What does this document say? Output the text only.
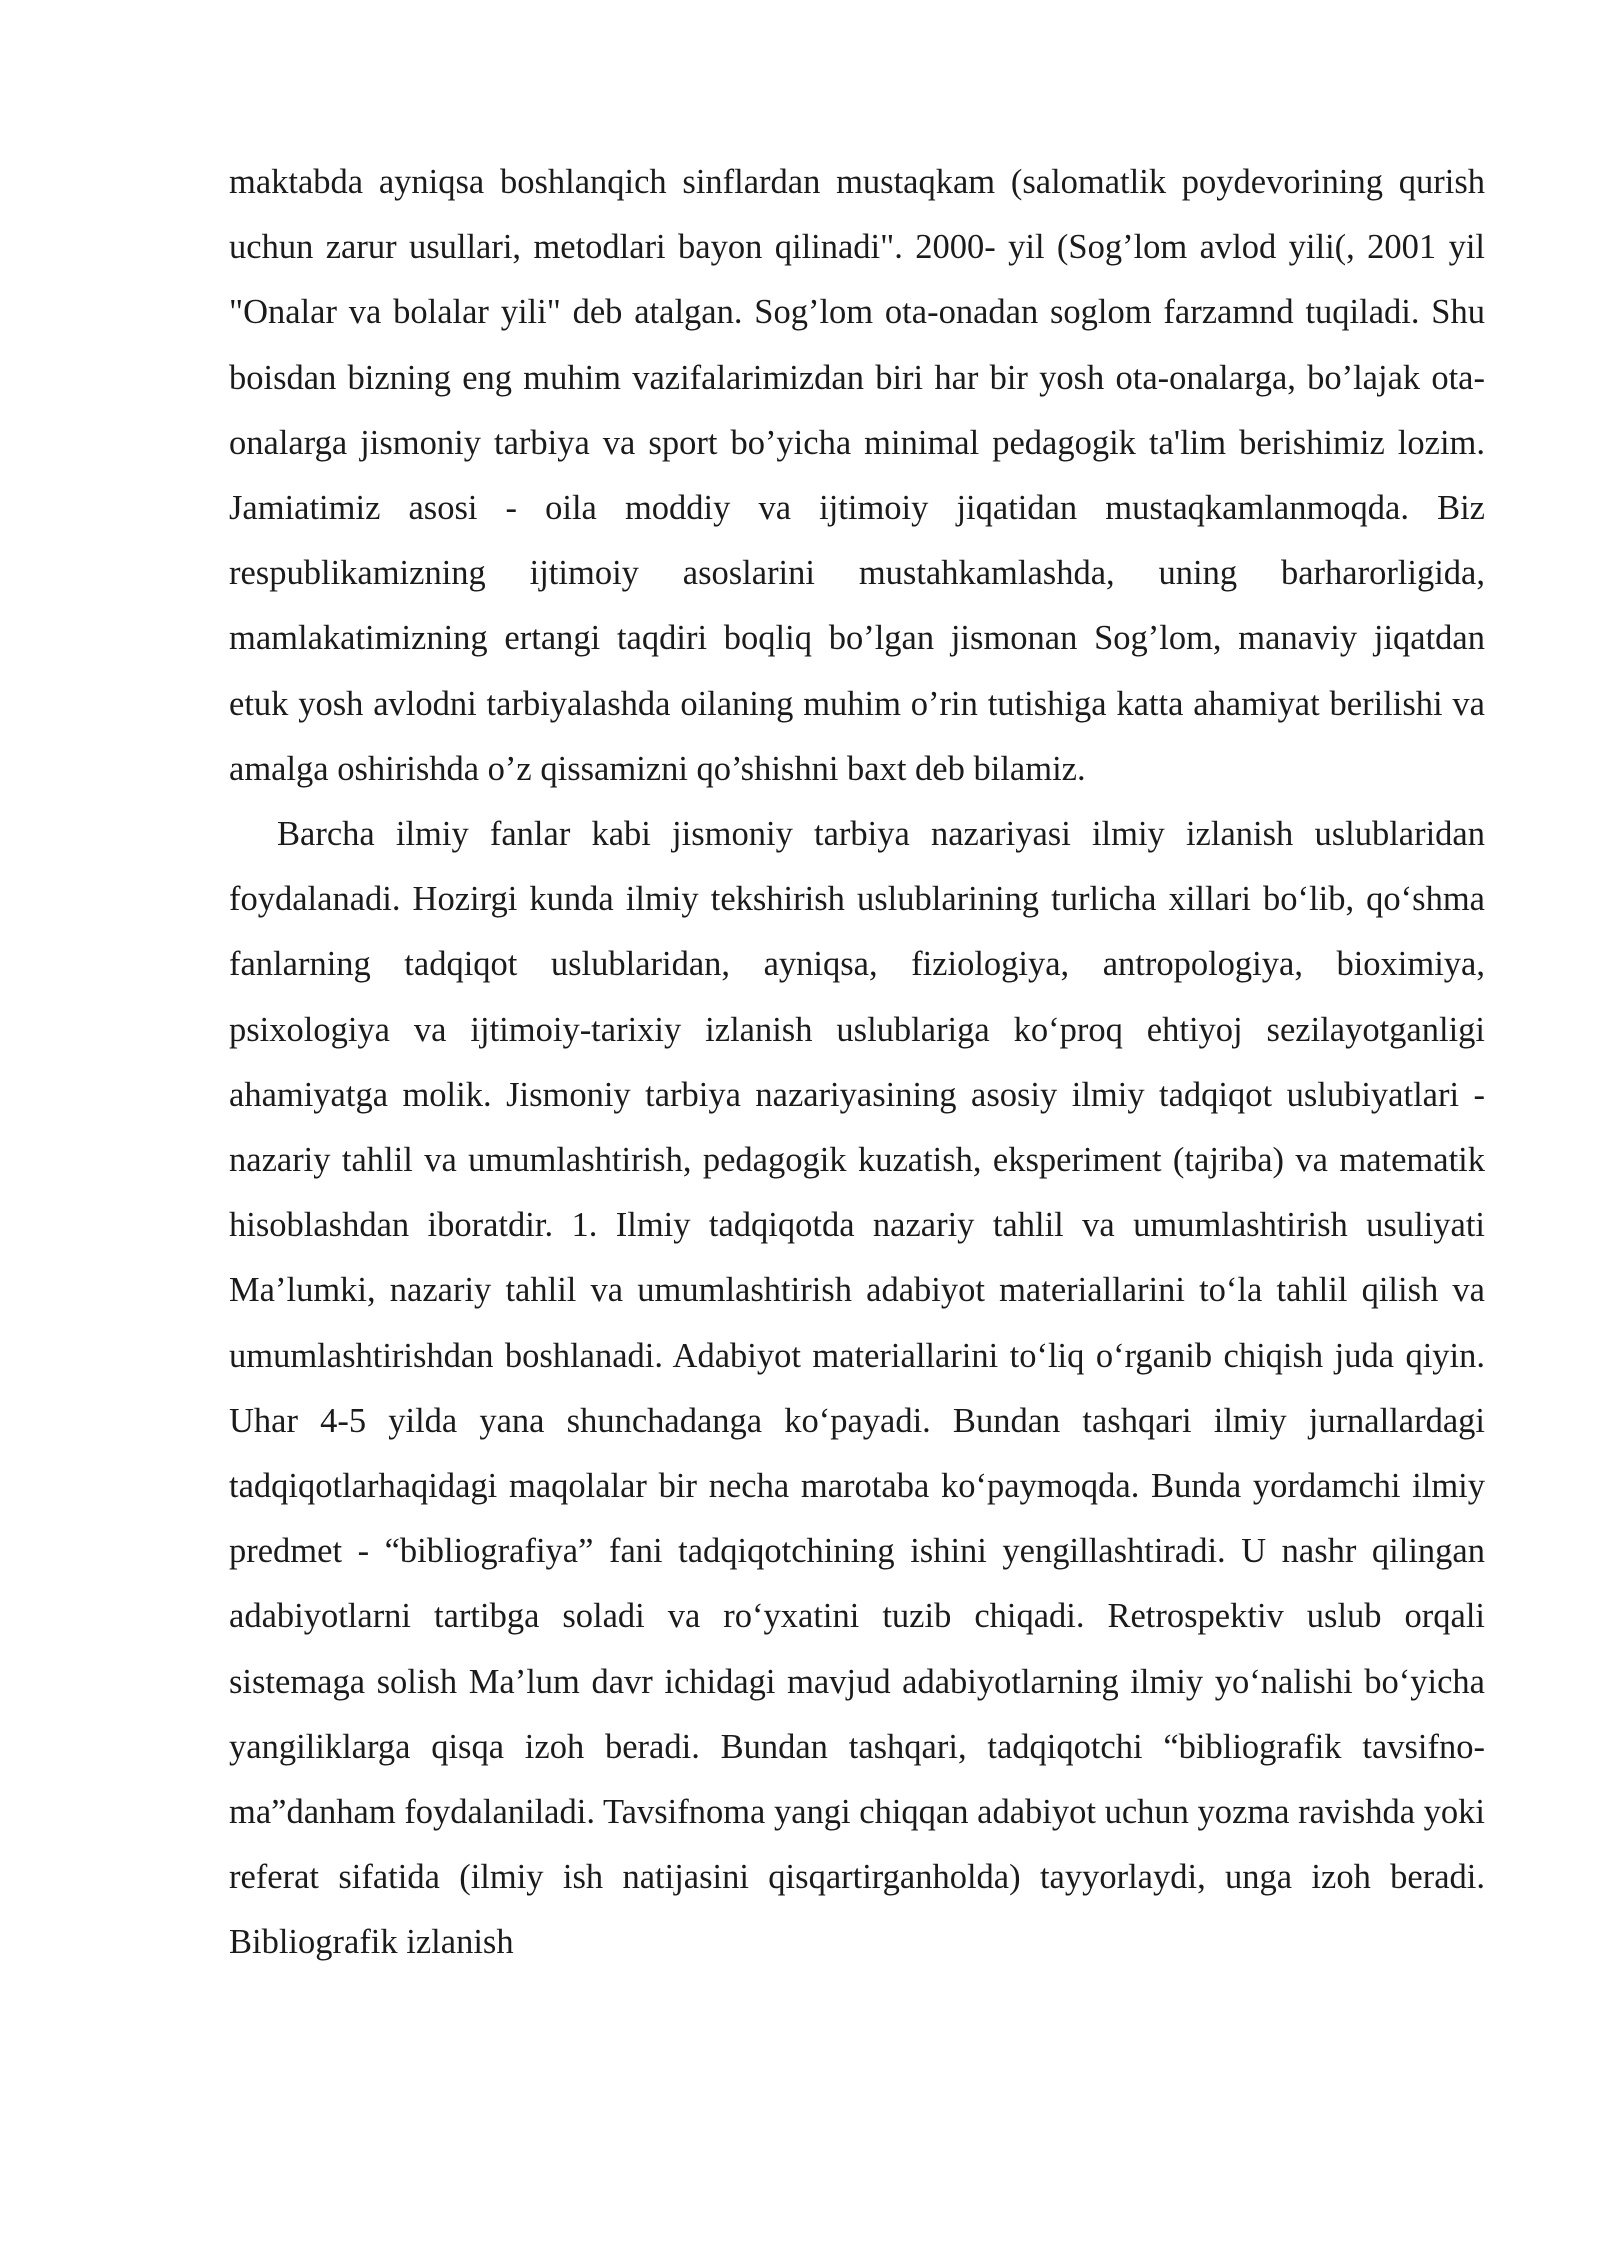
maktabda ayniqsa boshlanqich sinflardan mustaqkam (salomatlik poydevorining qurish uchun zarur usullari, metodlari bayon qilinadi". 2000- yil (Sog’lom avlod yili(, 2001 yil "Onalar va bolalar yili" deb atalgan. Sog’lom ota-onadan soglom farzamnd tuqiladi. Shu boisdan bizning eng muhim vazifalarimizdan biri har bir yosh ota-onalarga, bo’lajak ota-onalarga jismoniy tarbiya va sport bo’yicha minimal pedagogik ta'lim berishimiz lozim. Jamiatimiz asosi - oila moddiy va ijtimoiy jiqatidan mustaqkamlanmoqda. Biz respublikamizning ijtimoiy asoslarini mustahkamlashda, uning barharorligida, mamlakatimizning ertangi taqdiri boqliq bo’lgan jismonan Sog’lom, manaviy jiqatdan etuk yosh avlodni tarbiyalashda oilaning muhim o’rin tutishiga katta ahamiyat berilishi va amalga oshirishda o’z qissamizni qo’shishni baxt deb bilamiz.

Barcha ilmiy fanlar kabi jismoniy tarbiya nazariyasi ilmiy izlanish uslublaridan foydalanadi. Hozirgi kunda ilmiy tekshirish uslublarining turlicha xillari bo‘lib, qo‘shma fanlarning tadqiqot uslublaridan, ayniqsa, fiziologiya, antropologiya, bioximiya, psixologiya va ijtimoiy-tarixiy izlanish uslublariga ko‘proq ehtiyoj sezilayotganligi ahamiyatga molik. Jismoniy tarbiya nazariyasining asosiy ilmiy tadqiqot uslubiyatlari - nazariy tahlil va umumlashtirish, pedagogik kuzatish, eksperiment (tajriba) va matematik hisoblashdan iboratdir. 1. Ilmiy tadqiqotda nazariy tahlil va umumlashtirish usuliyati Ma’lumki, nazariy tahlil va umumlashtirish adabiyot materiallarini to‘la tahlil qilish va umumlashtirishdan boshlanadi. Adabiyot materiallarini to‘liq o‘rganib chiqish juda qiyin. Uhar 4-5 yilda yana shunchadanga ko‘payadi. Bundan tashqari ilmiy jurnallardagi tadqiqotlarhaqidagi maqolalar bir necha marotaba ko‘paymoqda. Bunda yordamchi ilmiy predmet - “bibliografiya” fani tadqiqotchining ishini yengillashtiradi. U nashr qilingan adabiyotlarni tartibga soladi va ro‘yxatini tuzib chiqadi. Retrospektiv uslub orqali sistemaga solish Ma’lum davr ichidagi mavjud adabiyotlarning ilmiy yo‘nalishi bo‘yicha yangiliklarga qisqa izoh beradi. Bundan tashqari, tadqiqotchi “bibliografik tavsifno-ma”danham foydalaniladi. Tavsifnoma yangi chiqqan adabiyot uchun yozma ravishda yoki referat sifatida (ilmiy ish natijasini qisqartirganholda) tayyorlaydi, unga izoh beradi. Bibliografik izlanish
